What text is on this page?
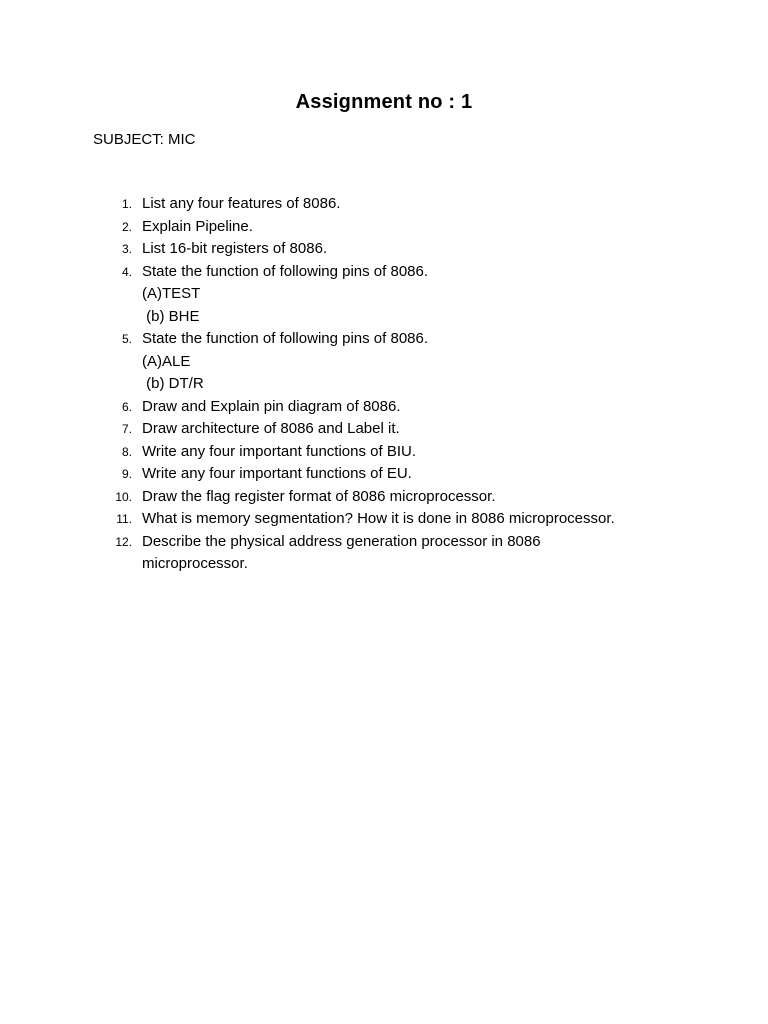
Assignment no : 1
SUBJECT: MIC
1. List any four features of 8086.
2. Explain Pipeline.
3. List 16-bit registers of 8086.
4. State the function of following pins of 8086.
(A)TEST
(b) BHE
5. State the function of following pins of 8086.
(A)ALE
(b) DT/R
6. Draw and Explain pin diagram of 8086.
7. Draw architecture of 8086 and Label it.
8. Write any four important functions of BIU.
9. Write any four important functions of EU.
10. Draw the flag register format of 8086 microprocessor.
11. What is memory segmentation? How it is done in 8086 microprocessor.
12. Describe the physical address generation processor in 8086 microprocessor.
